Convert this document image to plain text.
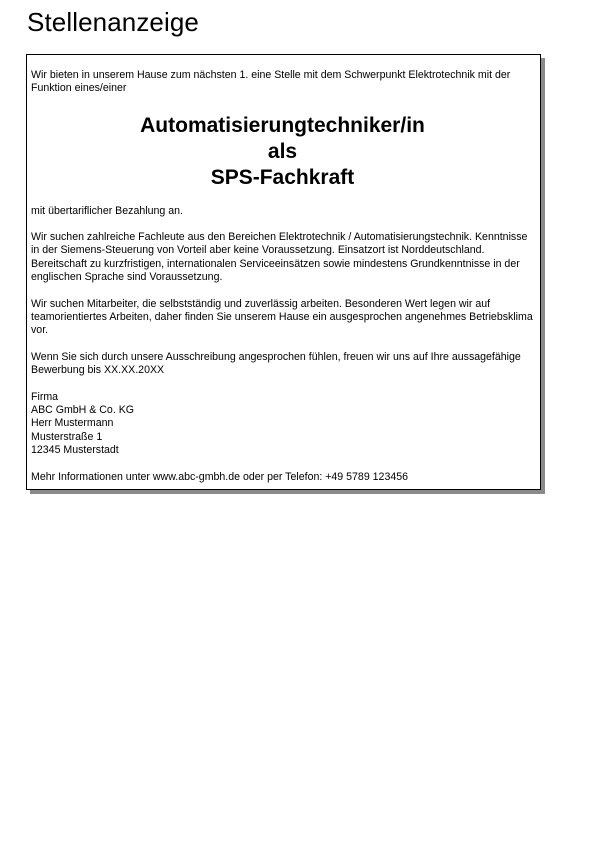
Stellenanzeige

Wir bieten in unserem Hause zum nächsten 1. eine Stelle mit dem Schwerpunkt Elektrotechnik mit der Funktion eines/einer

Automatisierungtechniker/in
als
SPS-Fachkraft

mit übertariflicher Bezahlung an.

Wir suchen zahlreiche Fachleute aus den Bereichen Elektrotechnik / Automatisierungstechnik. Kenntnisse in der Siemens-Steuerung von Vorteil aber keine Voraussetzung. Einsatzort ist Norddeutschland. Bereitschaft zu kurzfristigen, internationalen Serviceeinsätzen sowie mindestens Grundkenntnisse in der englischen Sprache sind Voraussetzung.

Wir suchen Mitarbeiter, die selbstständig und zuverlässig arbeiten. Besonderen Wert legen wir auf teamorientiertes Arbeiten, daher finden Sie unserem Hause ein ausgesprochen angenehmes Betriebsklima vor.

Wenn Sie sich durch unsere Ausschreibung angesprochen fühlen, freuen wir uns auf Ihre aussagefähige Bewerbung bis XX.XX.20XX

Firma
ABC GmbH & Co. KG
Herr Mustermann
Musterstraße 1
12345 Musterstadt

Mehr Informationen unter www.abc-gmbh.de oder per Telefon: +49 5789 123456
